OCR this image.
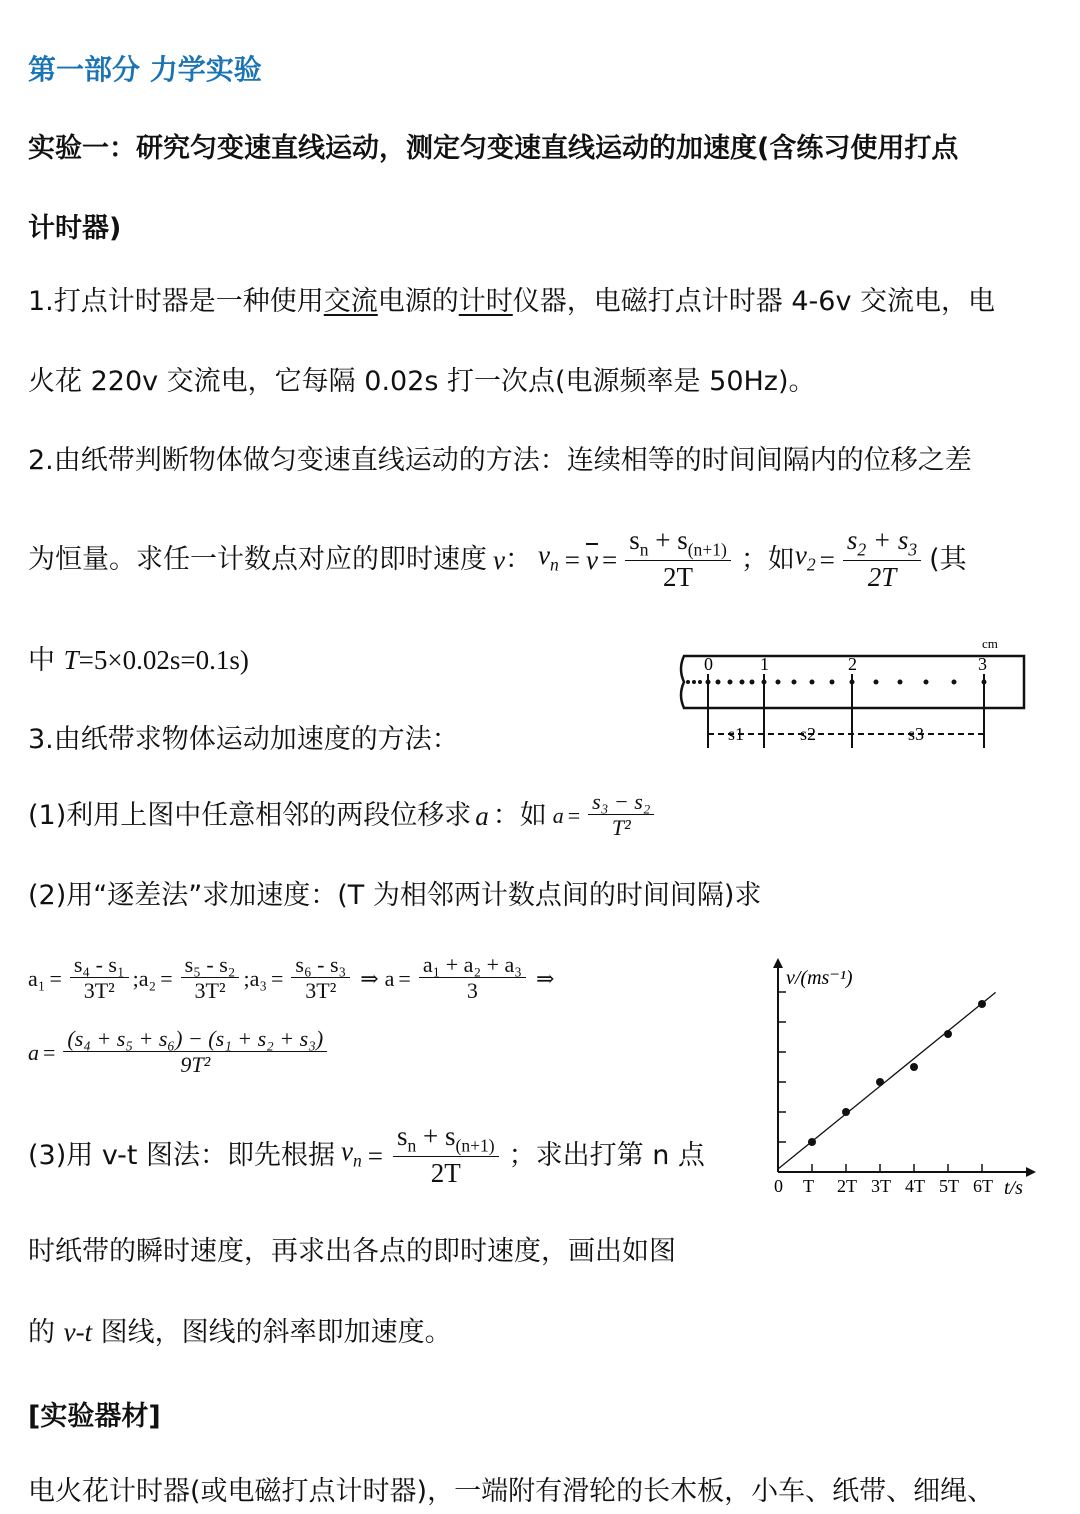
第一部分 力学实验
实验一：研究匀变速直线运动，测定匀变速直线运动的加速度(含练习使用打点
计时器)
1.打点计时器是一种使用交流电源的计时仪器，电磁打点计时器 4-6v 交流电，电
火花 220v 交流电，它每隔 0.02s 打一次点(电源频率是 50Hz)。
2.由纸带判断物体做匀变速直线运动的方法：连续相等的时间间隔内的位移之差
为恒量。求任一计数点对应的即时速度 v ： $v_n = \overline{v} = \frac{s_n + s_{(n+1)}}{2T}$ ；如 $v_2 = \frac{s_2 + s_3}{2T}$ (其
中 T=5×0.02s=0.1s)
cm
0	1	2	3
s1	s2	s3
3.由纸带求物体运动加速度的方法：
(1)利用上图中任意相邻的两段位移求 a ：如 $a = \frac{\text{s₃ − s₂}}{\text{T²}}$
(2)用“逐差法”求加速度：(T 为相邻两计数点间的时间间隔)求
$a_1 = \frac{\text{s₄ - s₁}}{\text{3T²}}$ ; $a_2 = \frac{\text{s₅ - s₂}}{\text{3T²}}$ ; $a_3 = \frac{\text{s₆ - s₃}}{\text{3T²}}$ ⇒ $a = \frac{\text{a₁ + a₂ + a₃}}{3}$ ⇒
$a = \frac{\text{(s₄ + s₅ + s₆) − (s₁ + s₂ + s₃)}}{\text{9T²}}$
(3)用 v-t 图法：即先根据 $v_n = \frac{s_n + s_{(n+1)}}{2T}$ ；求出打第 n 点
时纸带的瞬时速度，再求出各点的即时速度，画出如图
的 v-t 图线，图线的斜率即加速度。
v/(ms⁻¹)
t/s
0 T 2T 3T 4T 5T 6T
[实验器材]
电火花计时器(或电磁打点计时器)，一端附有滑轮的长木板，小车、纸带、细绳、
